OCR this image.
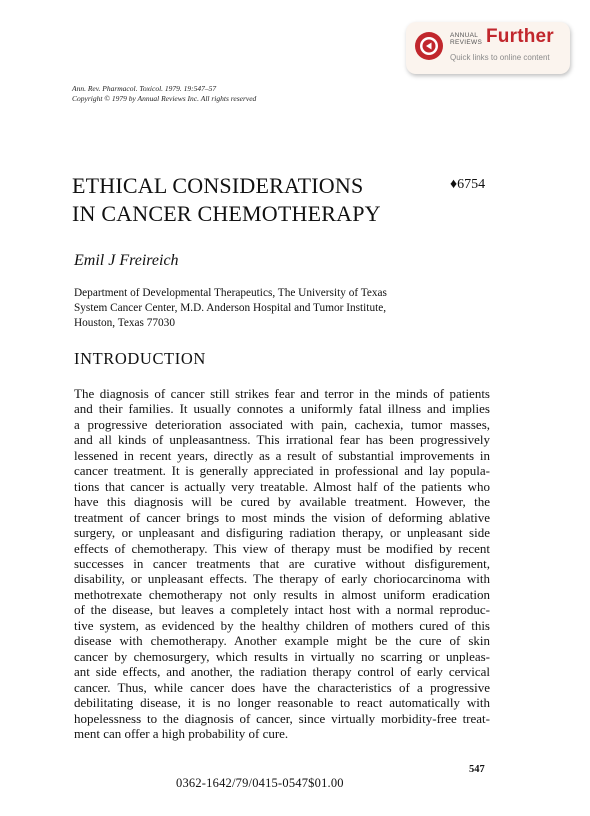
ANNUAL
REVIEWS Further
Quick links to online content
Ann. Rev. Pharmacol. Toxicol. 1979. 19:547–57
Copyright © 1979 by Annual Reviews Inc. All rights reserved
ETHICAL CONSIDERATIONS
IN CANCER CHEMOTHERAPY
♦6754
Emil J Freireich
Department of Developmental Therapeutics, The University of Texas
System Cancer Center, M.D. Anderson Hospital and Tumor Institute,
Houston, Texas 77030
INTRODUCTION
The diagnosis of cancer still strikes fear and terror in the minds of patients
and their families. It usually connotes a uniformly fatal illness and implies
a progressive deterioration associated with pain, cachexia, tumor masses,
and all kinds of unpleasantness. This irrational fear has been progressively
lessened in recent years, directly as a result of substantial improvements in
cancer treatment. It is generally appreciated in professional and lay popula-
tions that cancer is actually very treatable. Almost half of the patients who
have this diagnosis will be cured by available treatment. However, the
treatment of cancer brings to most minds the vision of deforming ablative
surgery, or unpleasant and disfiguring radiation therapy, or unpleasant side
effects of chemotherapy. This view of therapy must be modified by recent
successes in cancer treatments that are curative without disfigurement,
disability, or unpleasant effects. The therapy of early choriocarcinoma with
methotrexate chemotherapy not only results in almost uniform eradication
of the disease, but leaves a completely intact host with a normal reproduc-
tive system, as evidenced by the healthy children of mothers cured of this
disease with chemotherapy. Another example might be the cure of skin
cancer by chemosurgery, which results in virtually no scarring or unpleas-
ant side effects, and another, the radiation therapy control of early cervical
cancer. Thus, while cancer does have the characteristics of a progressive
debilitating disease, it is no longer reasonable to react automatically with
hopelessness to the diagnosis of cancer, since virtually morbidity-free treat-
ment can offer a high probability of cure.
547
0362-1642/79/0415-0547$01.00
